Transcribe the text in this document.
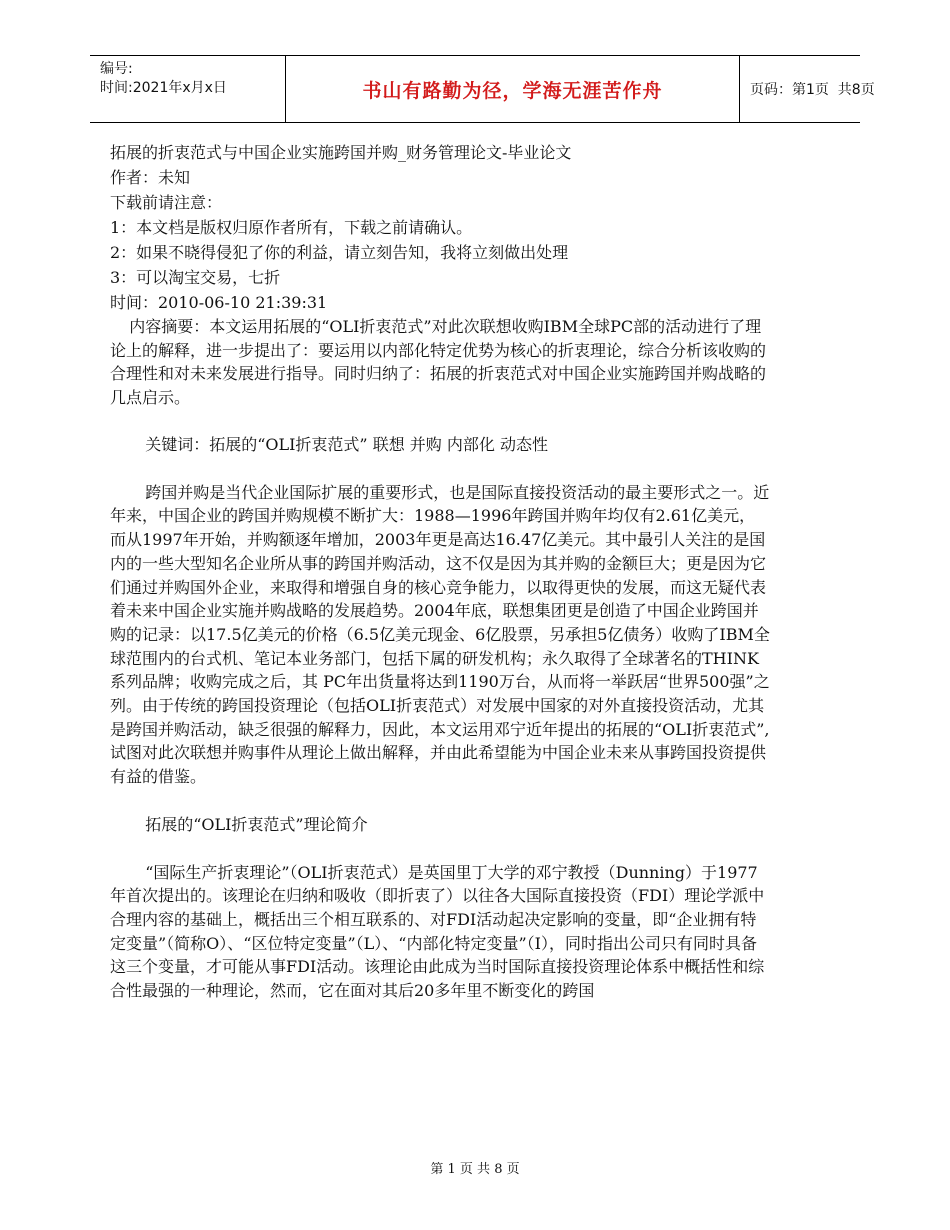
编号:
时间:2021年x月x日	书山有路勤为径，学海无涯苦作舟	页码：第1页  共8页

拓展的折衷范式与中国企业实施跨国并购_财务管理论文-毕业论文

作者：未知

下载前请注意：

1：本文档是版权归原作者所有，下载之前请确认。

2：如果不晓得侵犯了你的利益，请立刻告知，我将立刻做出处理

3：可以淘宝交易，七折

时间：2010-06-10 21:39:31

内容摘要：本文运用拓展的“OLI折衷范式”对此次联想收购IBM全球PC部的活动进行了理论上的解释，进一步提出了：要运用以内部化特定优势为核心的折衷理论，综合分析该收购的合理性和对未来发展进行指导。同时归纳了：拓展的折衷范式对中国企业实施跨国并购战略的几点启示。

关键词：拓展的“OLI折衷范式” 联想 并购 内部化 动态性

跨国并购是当代企业国际扩展的重要形式，也是国际直接投资活动的最主要形式之一。近年来，中国企业的跨国并购规模不断扩大：1988—1996年跨国并购年均仅有2.61亿美元，而从1997年开始，并购额逐年增加，2003年更是高达16.47亿美元。其中最引人关注的是国内的一些大型知名企业所从事的跨国并购活动，这不仅是因为其并购的金额巨大；更是因为它们通过并购国外企业，来取得和增强自身的核心竞争能力，以取得更快的发展，而这无疑代表着未来中国企业实施并购战略的发展趋势。2004年底，联想集团更是创造了中国企业跨国并购的记录：以17.5亿美元的价格（6.5亿美元现金、6亿股票，另承担5亿债务）收购了IBM全球范围内的台式机、笔记本业务部门，包括下属的研发机构；永久取得了全球著名的THINK系列品牌；收购完成之后，其 PC年出货量将达到1190万台，从而将一举跃居“世界500强”之列。由于传统的跨国投资理论（包括OLI折衷范式）对发展中国家的对外直接投资活动，尤其是跨国并购活动，缺乏很强的解释力，因此，本文运用邓宁近年提出的拓展的“OLI折衷范式”,试图对此次联想并购事件从理论上做出解释，并由此希望能为中国企业未来从事跨国投资提供有益的借鉴。

拓展的“OLI折衷范式”理论简介

“国际生产折衷理论”（OLI折衷范式）是英国里丁大学的邓宁教授（Dunning）于1977年首次提出的。该理论在归纳和吸收（即折衷了）以往各大国际直接投资（FDI）理论学派中合理内容的基础上，概括出三个相互联系的、对FDI活动起决定影响的变量，即“企业拥有特定变量”（简称O）、“区位特定变量”（L）、“内部化特定变量”（I），同时指出公司只有同时具备这三个变量，才可能从事FDI活动。该理论由此成为当时国际直接投资理论体系中概括性和综合性最强的一种理论，然而，它在面对其后20多年里不断变化的跨国

第 1 页 共 8 页
